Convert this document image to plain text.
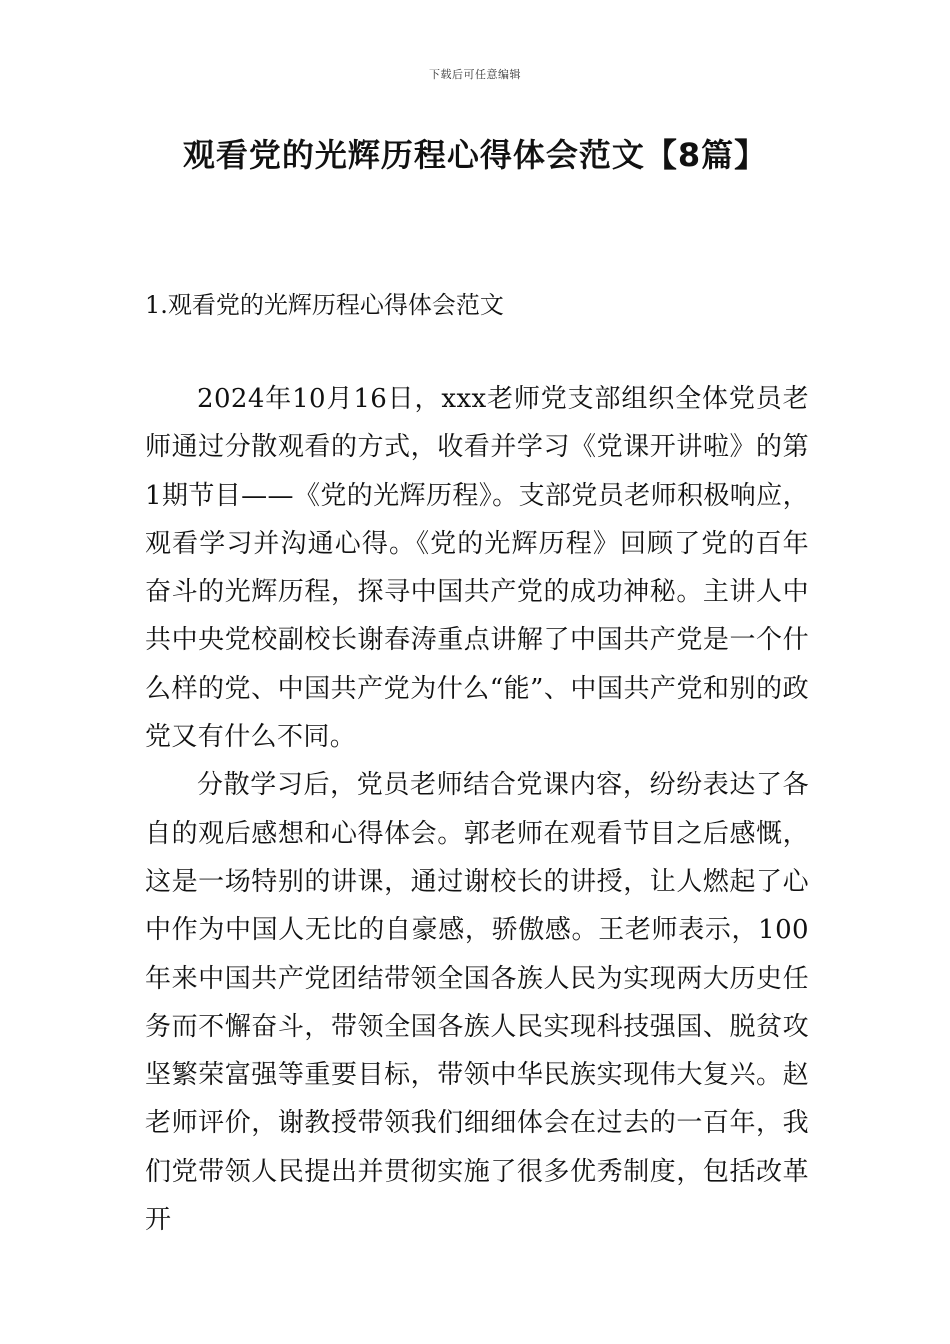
下载后可任意编辑
观看党的光辉历程心得体会范文【8篇】
1.观看党的光辉历程心得体会范文

2024年10月16日，xxx老师党支部组织全体党员老师通过分散观看的方式，收看并学习《党课开讲啦》的第1期节目——《党的光辉历程》。支部党员老师积极响应，观看学习并沟通心得。《党的光辉历程》回顾了党的百年奋斗的光辉历程，探寻中国共产党的成功神秘。主讲人中共中央党校副校长谢春涛重点讲解了中国共产党是一个什么样的党、中国共产党为什么“能”、中国共产党和别的政党又有什么不同。

分散学习后，党员老师结合党课内容，纷纷表达了各自的观后感想和心得体会。郭老师在观看节目之后感慨，这是一场特别的讲课，通过谢校长的讲授，让人燃起了心中作为中国人无比的自豪感，骄傲感。王老师表示，100年来中国共产党团结带领全国各族人民为实现两大历史任务而不懈奋斗，带领全国各族人民实现科技强国、脱贫攻坚繁荣富强等重要目标，带领中华民族实现伟大复兴。赵老师评价，谢教授带领我们细细体会在过去的一百年，我们党带领人民提出并贯彻实施了很多优秀制度，包括改革开
